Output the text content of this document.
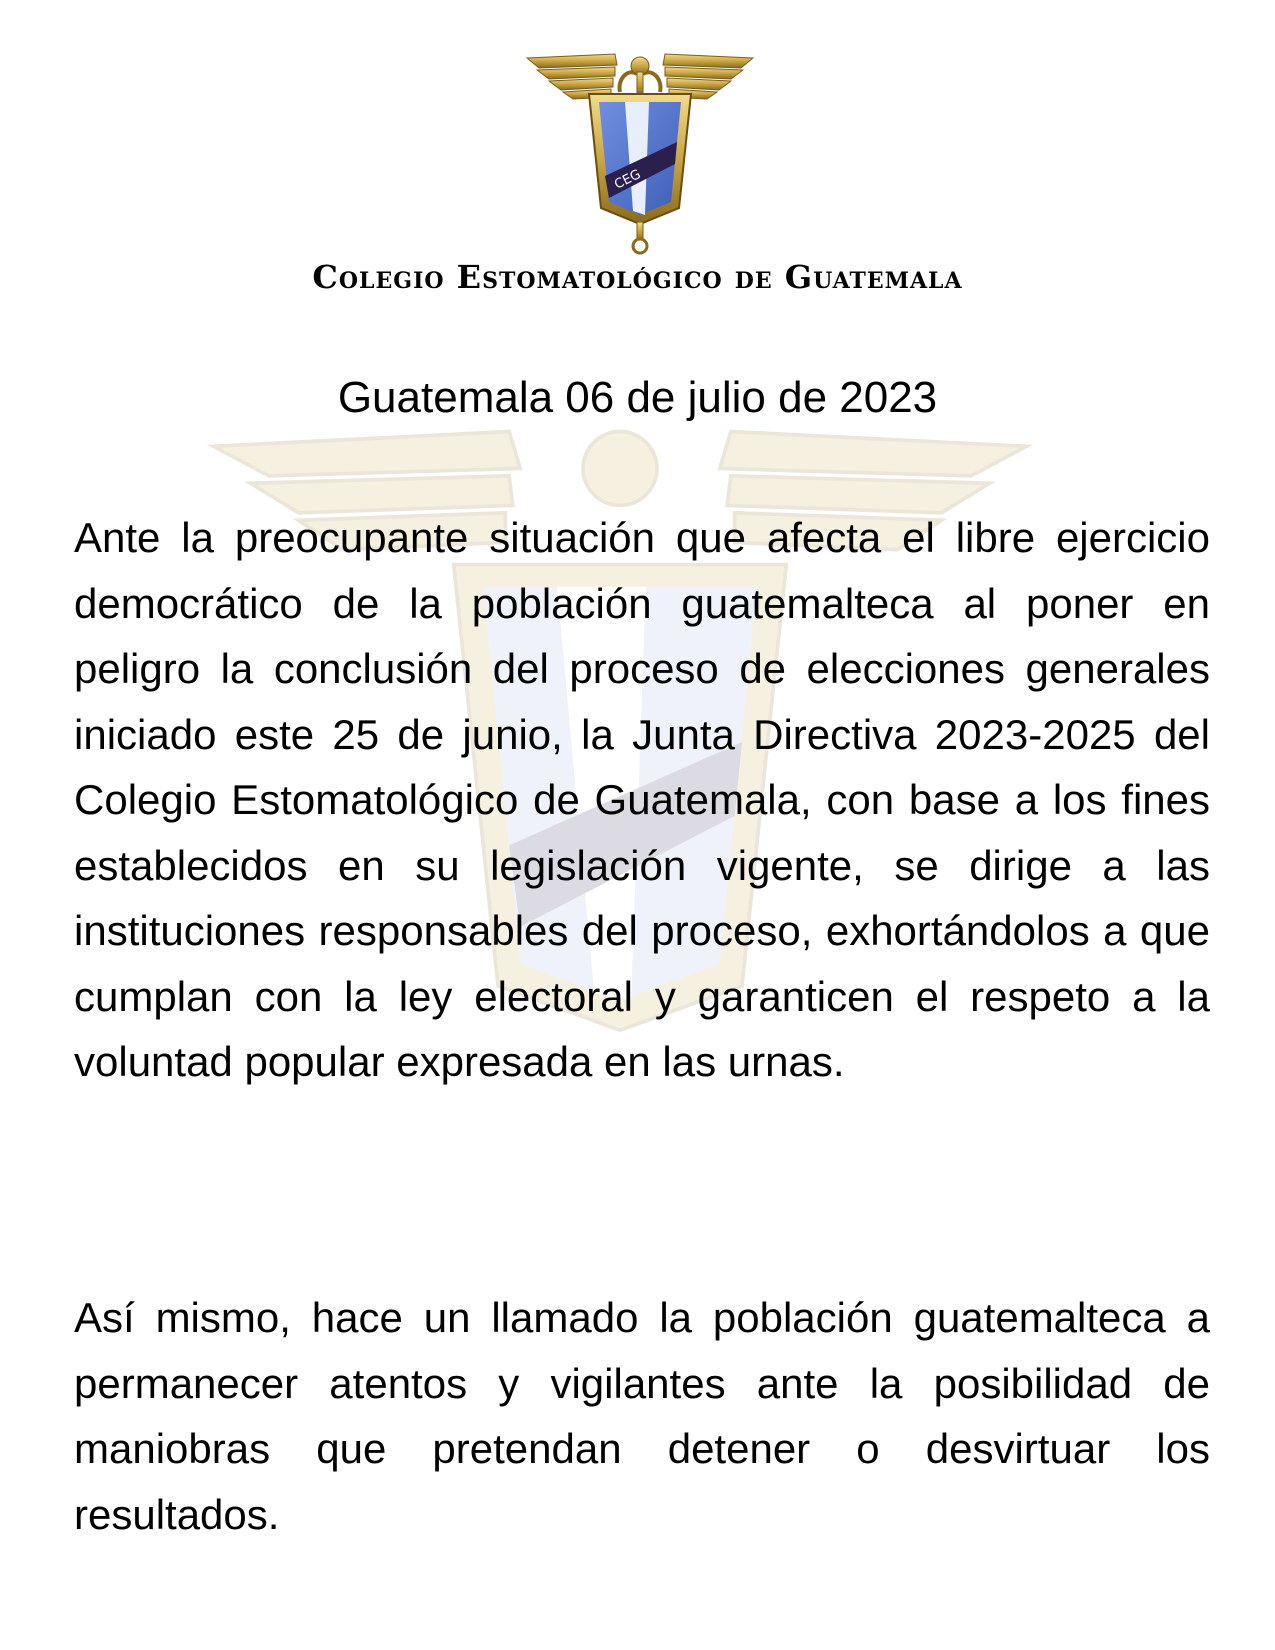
CEG
Colegio Estomatológico de Guatemala
Guatemala 06 de julio de 2023

Ante la preocupante situación que afecta el libre ejercicio democrático de la población guatemalteca al poner en peligro la conclusión del proceso de elecciones generales iniciado este 25 de junio, la Junta Directiva 2023-2025 del Colegio Estomatológico de Guatemala, con base a los fines establecidos en su legislación vigente, se dirige a las instituciones responsables del proceso, exhortándolos a que cumplan con la ley electoral y garanticen el respeto a la voluntad popular expresada en las urnas.

Así mismo, hace un llamado la población guatemalteca a permanecer atentos y vigilantes ante la posibilidad de maniobras que pretendan detener o desvirtuar los resultados.
